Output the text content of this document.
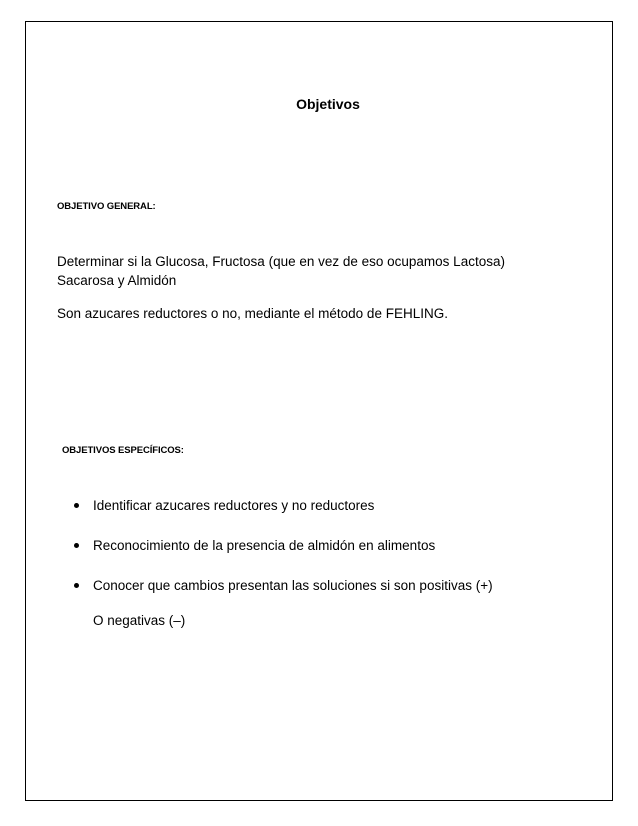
Objetivos
OBJETIVO GENERAL:
Determinar si la Glucosa, Fructosa (que en vez de eso ocupamos Lactosa)
Sacarosa y Almidón
Son azucares reductores o no, mediante el método de FEHLING.
OBJETIVOS ESPECÍFICOS:
Identificar azucares reductores y no reductores
Reconocimiento de la presencia de almidón en alimentos
Conocer que cambios presentan las soluciones si son positivas (+)
O negativas (–)
